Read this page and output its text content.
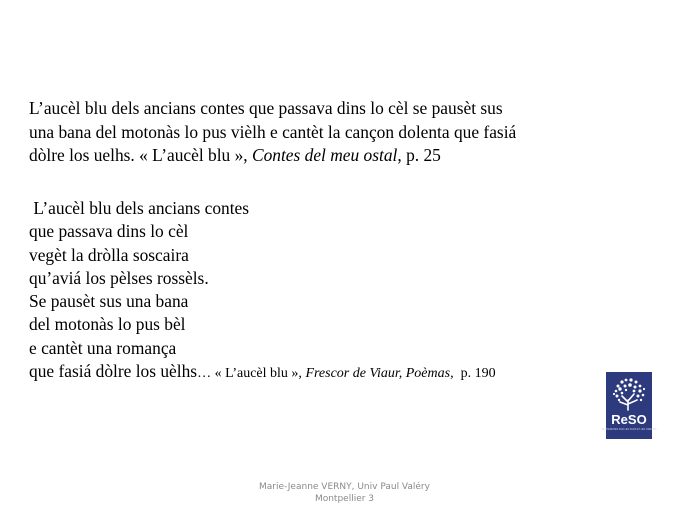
L’aucèl blu dels ancians contes que passava dins lo cèl se pausèt sus
una bana del motonàs lo pus vièlh e cantèt la cançon dolenta que fasiá
dòlre los uelhs. « L’aucèl blu », Contes del meu ostal, p. 25
L’aucèl blu dels ancians contes
que passava dins lo cèl
vegèt la dròlla soscaira
qu’aviá los pèlses rossèls.
Se pausèt sus una bana
del motonàs lo pus bèl
e cantèt una romança
que fasiá dòlre los uèlhs… « L’aucèl blu », Frescor de Viaur, Poèmas,  p. 190
ReSO
RECHERCHES SUR LES SUDS ET LES ORIENTS
Marie-Jeanne VERNY, Univ Paul Valéry
Montpellier 3
